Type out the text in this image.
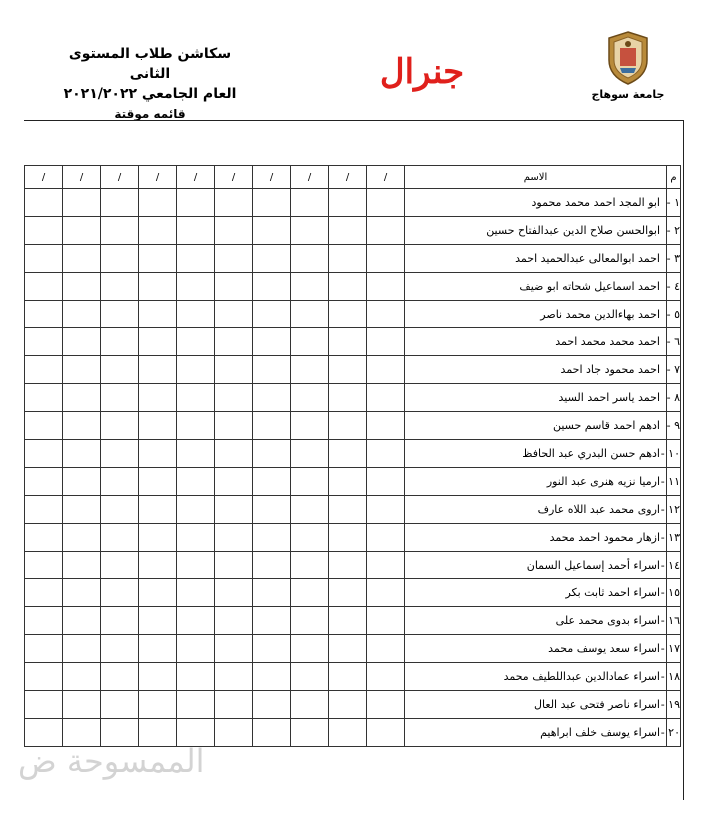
سكاشن طلاب المستوى الثانى
العام الجامعي ٢٠٢١/٢٠٢٢
قائمه موقتة
جنرال
جامعة سوهاج
/	/	/	/	/	/	/	/	/	/	الاسم	م
										ابو المجد احمد محمد محمود	١ -
										ابوالحسن صلاح الدين عبدالفتاح حسين	٢ -
										احمد ابوالمعالى عبدالحميد احمد	٣ -
										احمد اسماعيل شحاته ابو ضيف	٤ -
										احمد بهاءالدين محمد ناصر	٥ -
										احمد محمد محمد احمد	٦ -
										احمد محمود جاد احمد	٧ -
										احمد ياسر احمد السيد	٨ -
										ادهم احمد قاسم حسين	٩ -
										ادهم حسن البدري عبد الحافظ	١٠ -
										ارميا نزيه هنرى عبد النور	١١ -
										اروى محمد عبد اللاه عارف	١٢ -
										ازهار محمود احمد محمد	١٣ -
										اسراء أحمد إسماعيل السمان	١٤ -
										اسراء احمد ثابت بكر	١٥ -
										اسراء بدوى محمد على	١٦ -
										اسراء سعد يوسف محمد	١٧ -
										اسراء عمادالدين عبداللطيف محمد	١٨ -
										اسراء ناصر فتحى عبد العال	١٩ -
										اسراء يوسف خلف ابراهيم	٢٠ -
الممسوحة ض
